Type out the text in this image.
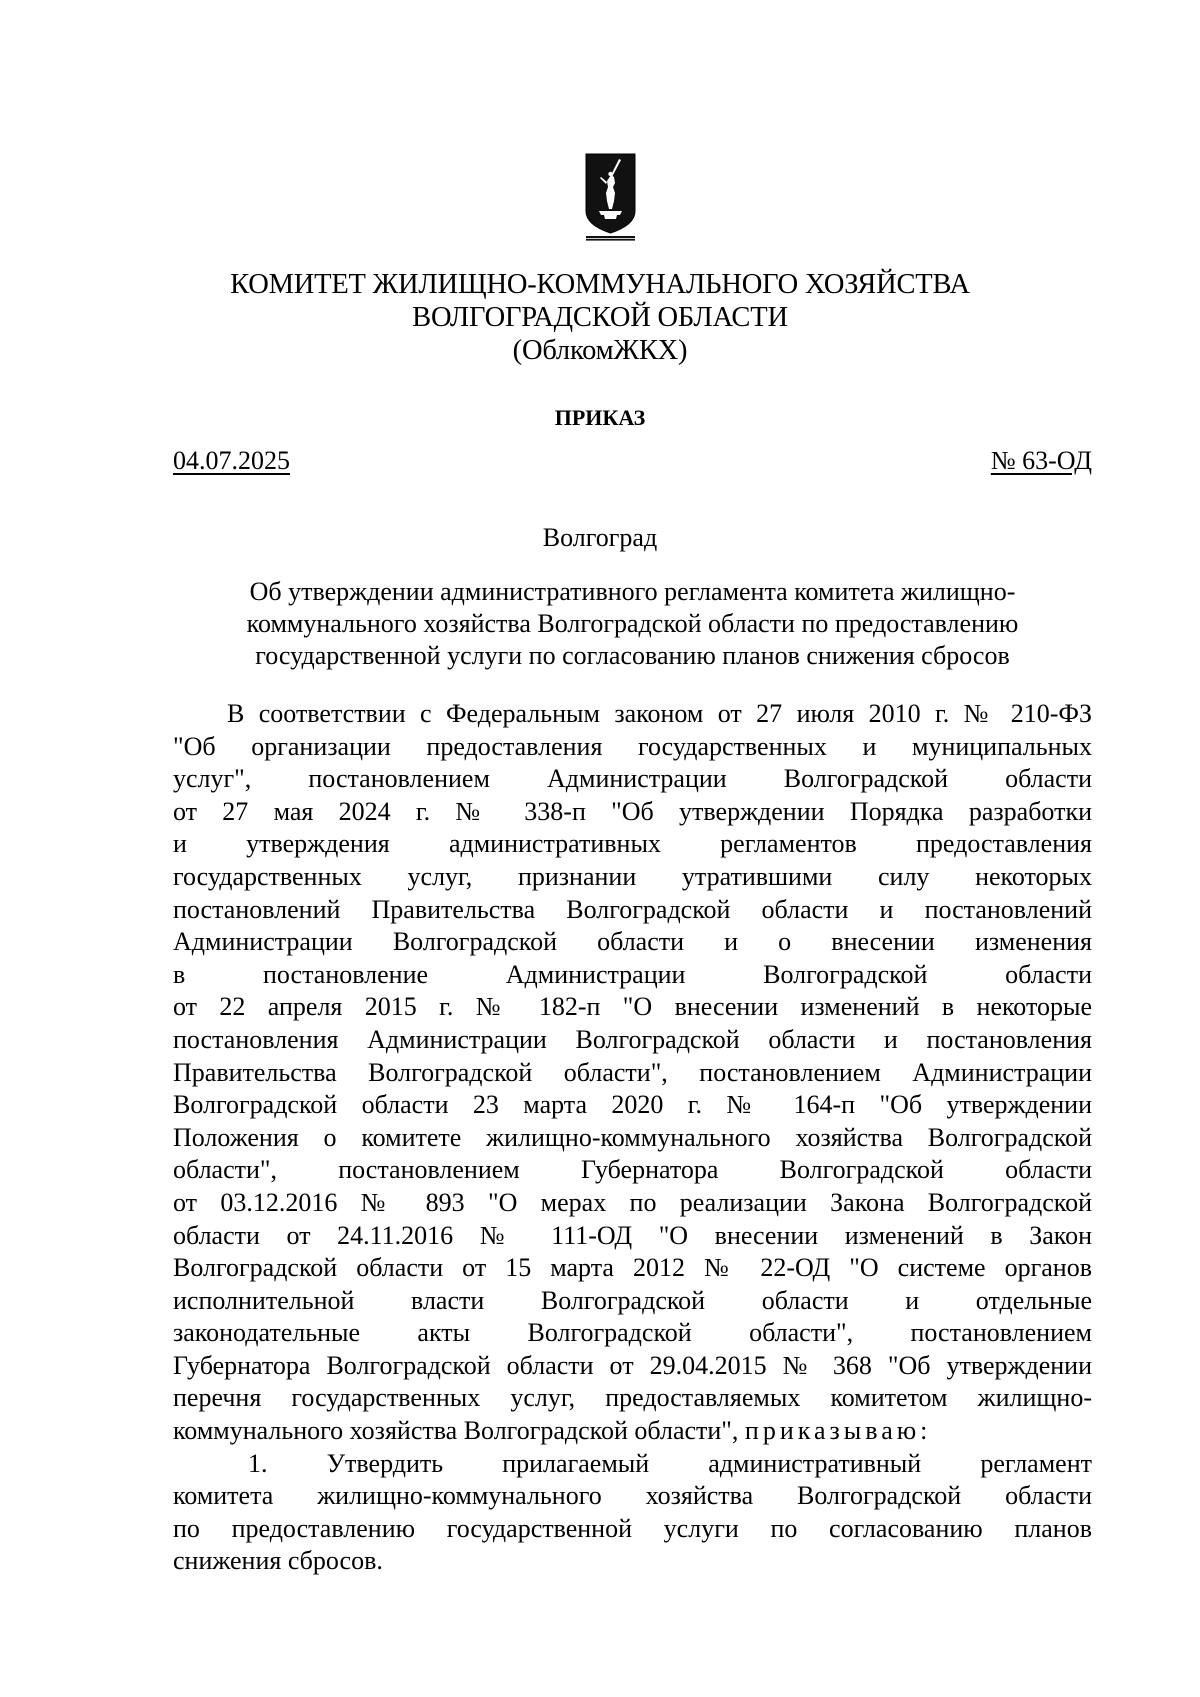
КОМИТЕТ ЖИЛИЩНО-КОММУНАЛЬНОГО ХОЗЯЙСТВА
ВОЛГОГРАДСКОЙ ОБЛАСТИ
(ОблкомЖКХ)
ПРИКАЗ
04.07.2025	№ 63-ОД
Волгоград
Об утверждении административного регламента комитета жилищно-
коммунального хозяйства Волгоградской области по предоставлению
государственной услуги по согласованию планов снижения сбросов
В соответствии с Федеральным законом от 27 июля 2010 г. № 210-ФЗ
"Об организации предоставления государственных и муниципальных
услуг", постановлением Администрации Волгоградской области
от 27 мая 2024 г. № 338-п "Об утверждении Порядка разработки
и утверждения административных регламентов предоставления
государственных услуг, признании утратившими силу некоторых
постановлений Правительства Волгоградской области и постановлений
Администрации Волгоградской области и о внесении изменения
в постановление Администрации Волгоградской области
от 22 апреля 2015 г. № 182-п "О внесении изменений в некоторые
постановления Администрации Волгоградской области и постановления
Правительства Волгоградской области", постановлением Администрации
Волгоградской области 23 марта 2020 г. № 164-п "Об утверждении
Положения о комитете жилищно-коммунального хозяйства Волгоградской
области", постановлением Губернатора Волгоградской области
от 03.12.2016 № 893 "О мерах по реализации Закона Волгоградской
области от 24.11.2016 № 111-ОД "О внесении изменений в Закон
Волгоградской области от 15 марта 2012 № 22-ОД "О системе органов
исполнительной власти Волгоградской области и отдельные
законодательные акты Волгоградской области", постановлением
Губернатора Волгоградской области от 29.04.2015 № 368 "Об утверждении
перечня государственных услуг, предоставляемых комитетом жилищно-
коммунального хозяйства Волгоградской области", приказываю:
1. Утвердить прилагаемый административный регламент
комитета жилищно-коммунального хозяйства Волгоградской области
по предоставлению государственной услуги по согласованию планов
снижения сбросов.
